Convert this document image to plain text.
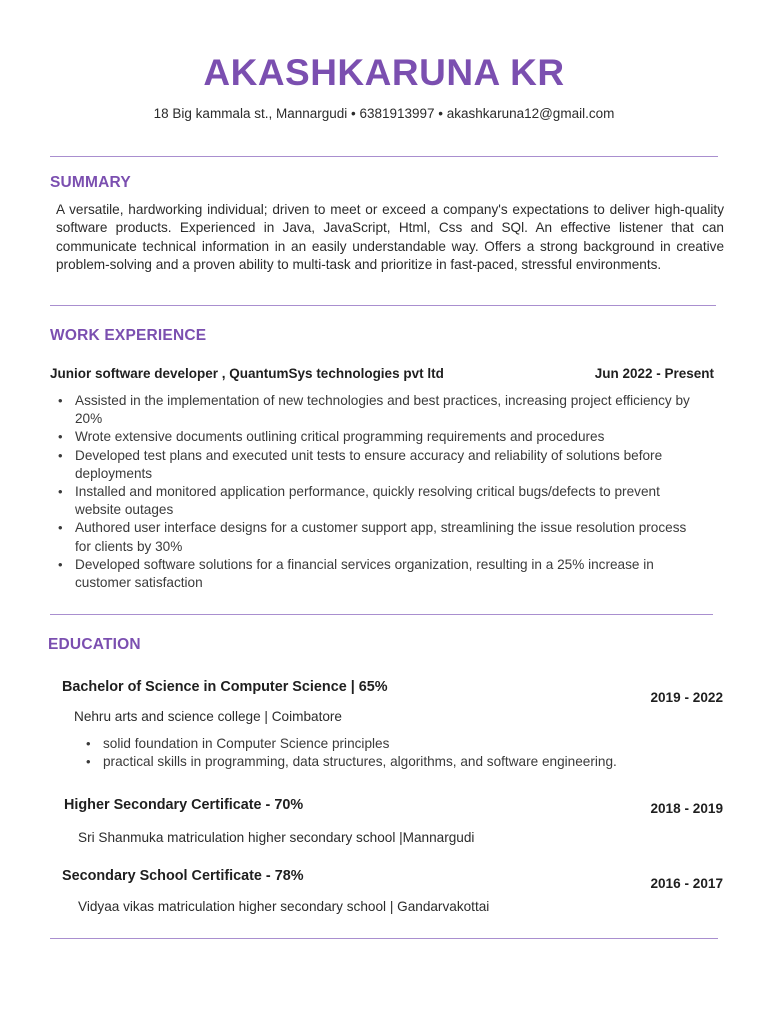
AKASHKARUNA KR
18 Big kammala st., Mannargudi • 6381913997 • akashkaruna12@gmail.com
SUMMARY
A versatile, hardworking individual; driven to meet or exceed a company's expectations to deliver high-quality software products. Experienced in Java, JavaScript, Html, Css and SQl. An effective listener that can communicate technical information in an easily understandable way. Offers a strong background in creative problem-solving and a proven ability to multi-task and prioritize in fast-paced, stressful environments.
WORK EXPERIENCE
Junior software developer , QuantumSys technologies pvt ltd	Jun 2022 - Present
• Assisted in the implementation of new technologies and best practices, increasing project efficiency by 20%
• Wrote extensive documents outlining critical programming requirements and procedures
• Developed test plans and executed unit tests to ensure accuracy and reliability of solutions before deployments
• Installed and monitored application performance, quickly resolving critical bugs/defects to prevent website outages
• Authored user interface designs for a customer support app, streamlining the issue resolution process for clients by 30%
• Developed software solutions for a financial services organization, resulting in a 25% increase in customer satisfaction
EDUCATION
Bachelor of Science in Computer Science | 65%
2019 - 2022
Nehru arts and science college | Coimbatore
• solid foundation in Computer Science principles
• practical skills in programming, data structures, algorithms, and software engineering.
Higher Secondary Certificate - 70%	2018 - 2019
Sri Shanmuka matriculation higher secondary school |Mannargudi
Secondary School Certificate - 78%	2016 - 2017
Vidyaa vikas matriculation higher secondary school | Gandarvakottai
